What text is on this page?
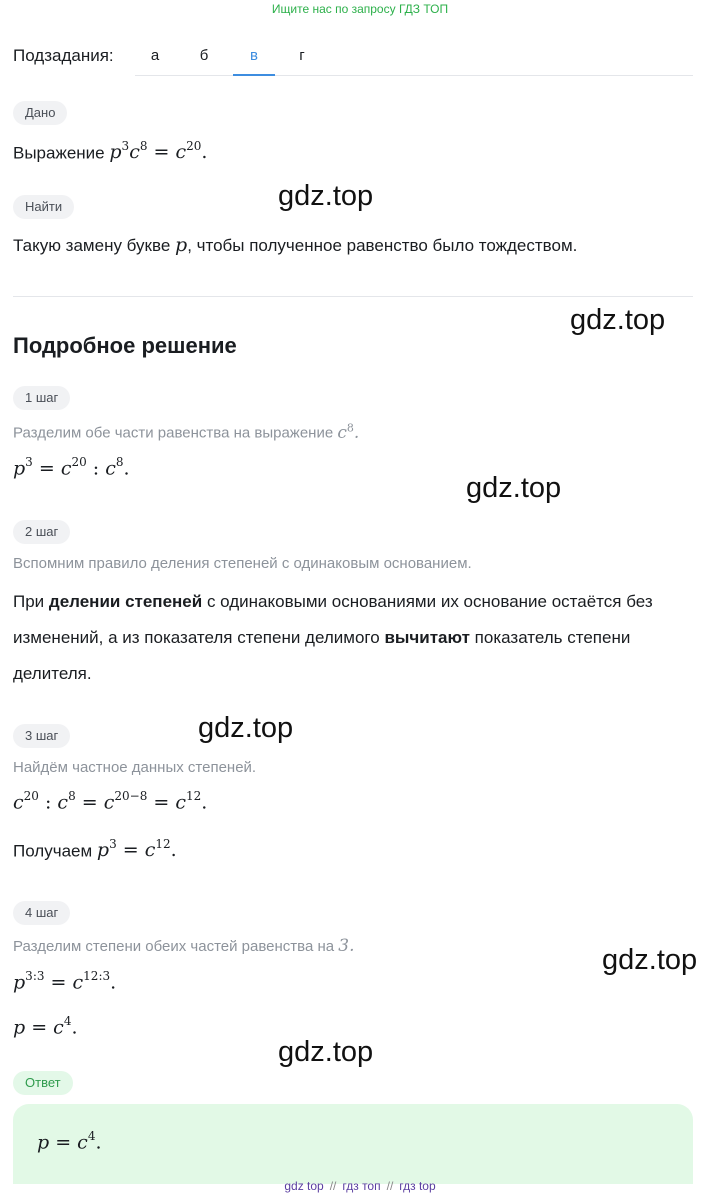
Ищите нас по запросу ГДЗ ТОП
Подзадания:	а	б	в	г
Дано
Выражение $p^3c^8 = c^{20}$.
Найти
Такую замену букве p, чтобы полученное равенство было тождеством.
Подробное решение
1 шаг
Разделим обе части равенства на выражение $c^8$.
$p^3 = c^{20}$ : $c^8$.
2 шаг
Вспомним правило деления степеней с одинаковым основанием.
При делении степеней с одинаковыми основаниями их основание остаётся без изменений, а из показателя степени делимого вычитают показатель степени делителя.
3 шаг
Найдём частное данных степеней.
$c^{20}$ : $c^8 = c^{20-8} = c^{12}$.
Получаем $p^3 = c^{12}$.
4 шаг
Разделим степени обеих частей равенства на 3.
$p^{3:3} = c^{12:3}$.
$p = c^4$.
Ответ
$p = c^4$.
gdz.top
gdz.top
gdz.top
gdz.top
gdz.top
gdz.top
gdz top // гдз топ // гдз top
